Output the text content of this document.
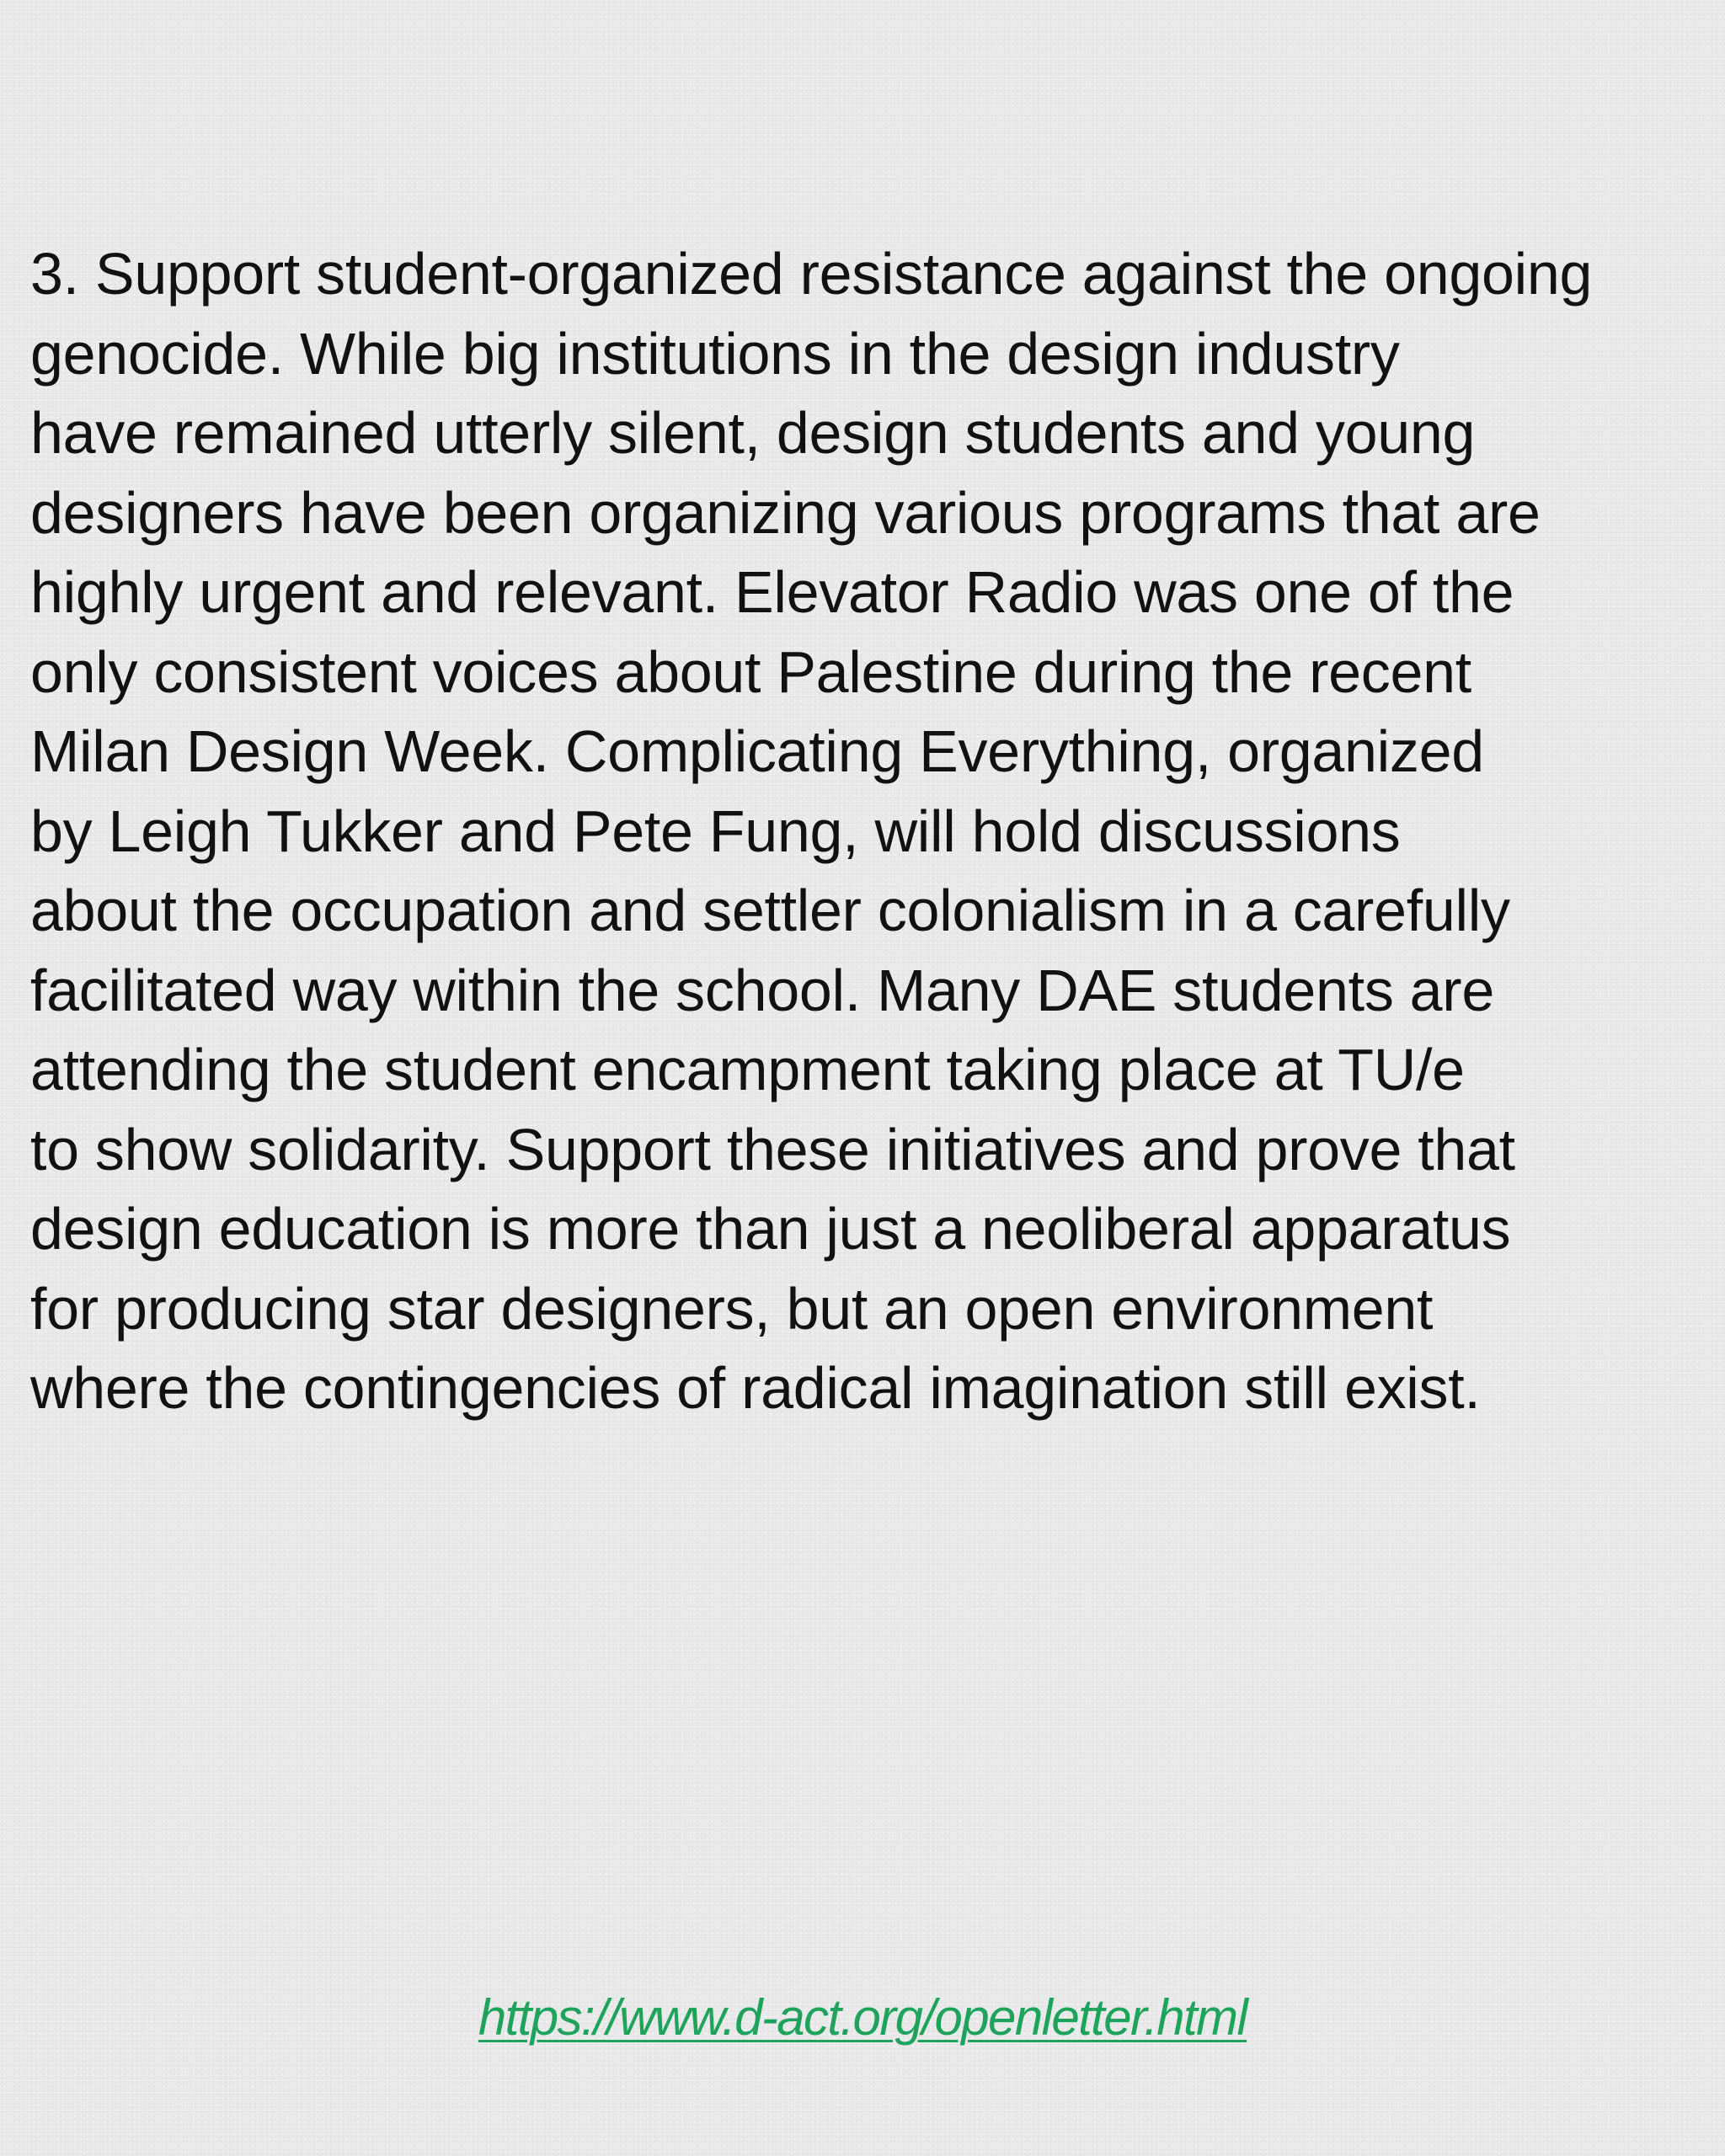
3. Support student-organized resistance against the ongoing
genocide. While big institutions in the design industry
have remained utterly silent, design students and young
designers have been organizing various programs that are
highly urgent and relevant. Elevator Radio was one of the
only consistent voices about Palestine during the recent
Milan Design Week. Complicating Everything, organized
by Leigh Tukker and Pete Fung, will hold discussions
about the occupation and settler colonialism in a carefully
facilitated way within the school. Many DAE students are
attending the student encampment taking place at TU/e
to show solidarity. Support these initiatives and prove that
design education is more than just a neoliberal apparatus
for producing star designers, but an open environment
where the contingencies of radical imagination still exist.

https://www.d-act.org/openletter.html
